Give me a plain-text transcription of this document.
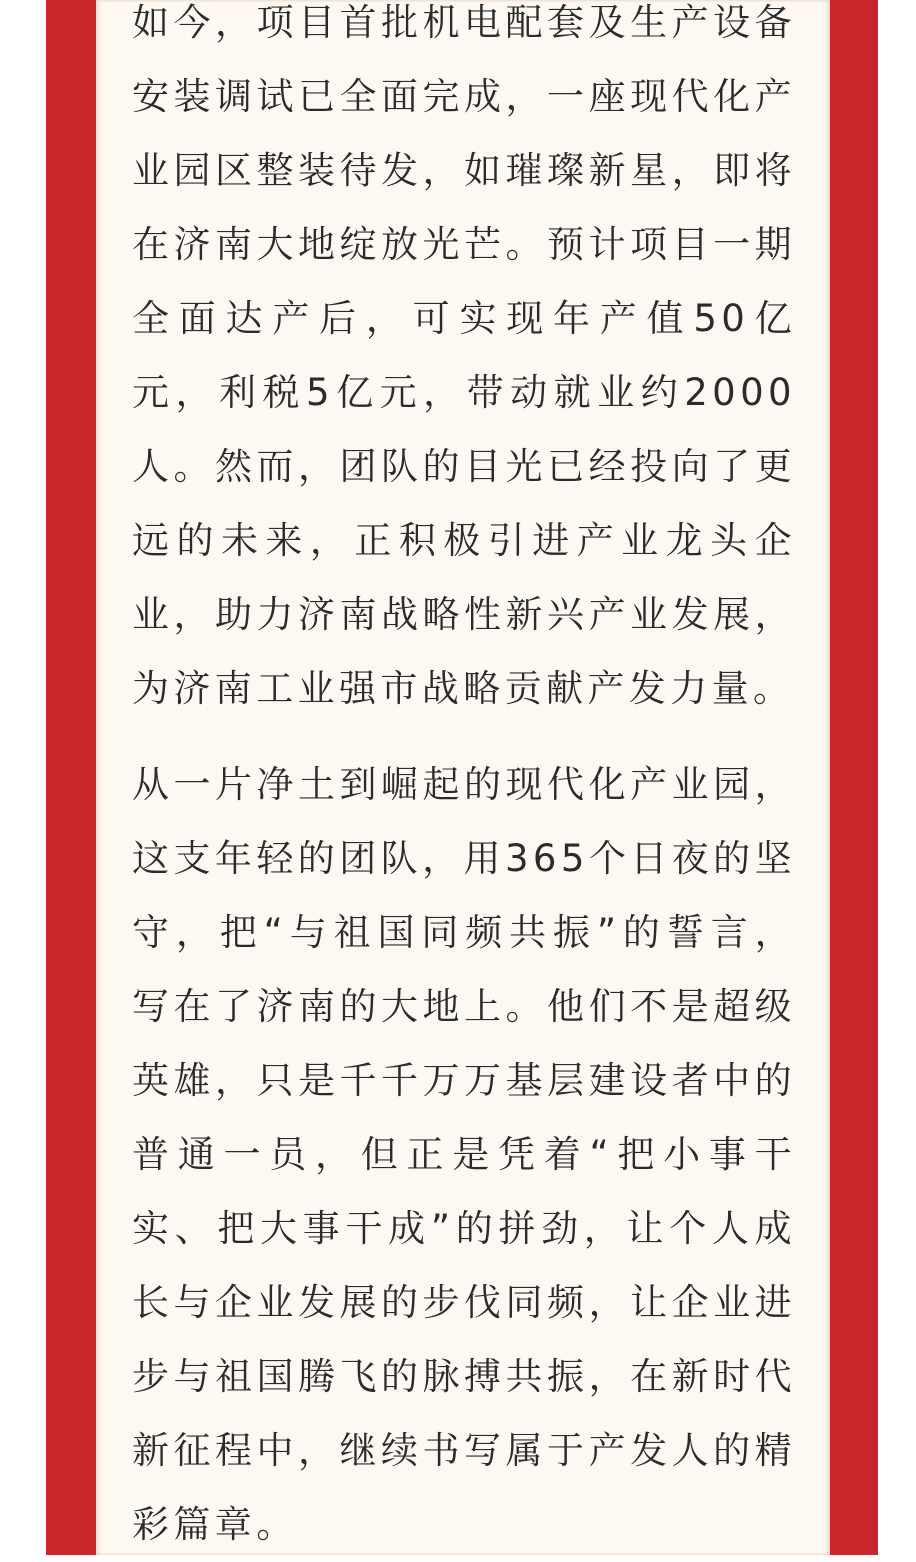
如今，项目首批机电配套及生产设备安装调试已全面完成，一座现代化产业园区整装待发，如璀璨新星，即将在济南大地绽放光芒。预计项目一期全面达产后，可实现年产值50亿元，利税5亿元，带动就业约2000人。然而，团队的目光已经投向了更远的未来，正积极引进产业龙头企业，助力济南战略性新兴产业发展，为济南工业强市战略贡献产发力量。

从一片净土到崛起的现代化产业园，这支年轻的团队，用365个日夜的坚守，把“与祖国同频共振”的誓言，写在了济南的大地上。他们不是超级英雄，只是千千万万基层建设者中的普通一员，但正是凭着“把小事干实、把大事干成”的拼劲，让个人成长与企业发展的步伐同频，让企业进步与祖国腾飞的脉搏共振，在新时代新征程中，继续书写属于产发人的精彩篇章。
